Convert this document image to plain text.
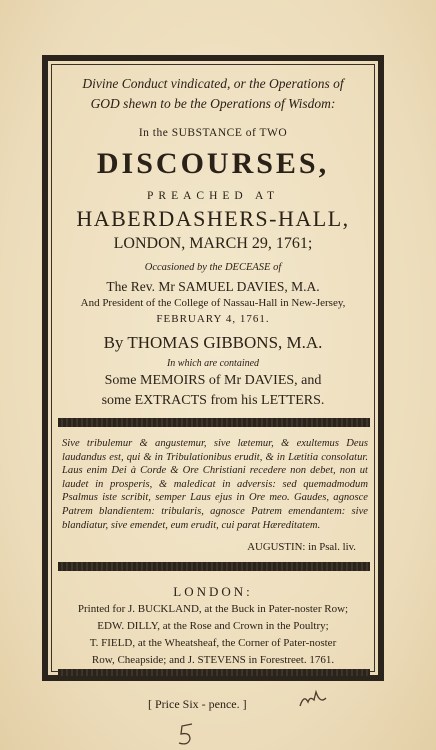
Divine Conduct vindicated, or the Operations of
GOD shewn to be the Operations of Wisdom:
In the SUBSTANCE of TWO
DISCOURSES,
PREACHED AT
HABERDASHERS-HALL,
LONDON, MARCH 29, 1761;
Occasioned by the DECEASE of
The Rev. Mr SAMUEL DAVIES, M.A.
And President of the College of Nassau-Hall in New-Jersey,
FEBRUARY 4, 1761.
By THOMAS GIBBONS, M.A.
In which are contained
Some MEMOIRS of Mr DAVIES, and
some EXTRACTS from his LETTERS.
Sive tribulemur & angustemur, sive lætemur, & exultemus Deus laudandus est, qui & in Tribulationibus erudit, & in Lætitia consolatur. Laus enim Dei à Corde & Ore Christiani recedere non debet, non ut laudet in prosperis, & maledicat in adversis: sed quemadmodum Psalmus iste scribit, semper Laus ejus in Ore meo. Gaudes, agnosce Patrem blandientem: tribularis, agnosce Patrem emendantem: sive blandiatur, sive emendet, eum erudit, cui parat Hæreditatem.
AUGUSTIN: in Psal. liv.
LONDON:
Printed for J. BUCKLAND, at the Buck in Pater-noster Row;
EDW. DILLY, at the Rose and Crown in the Poultry;
T. FIELD, at the Wheatsheaf, the Corner of Pater-noster
Row, Cheapside; and J. STEVENS in Forestreet. 1761.
[ Price Six - pence. ]
